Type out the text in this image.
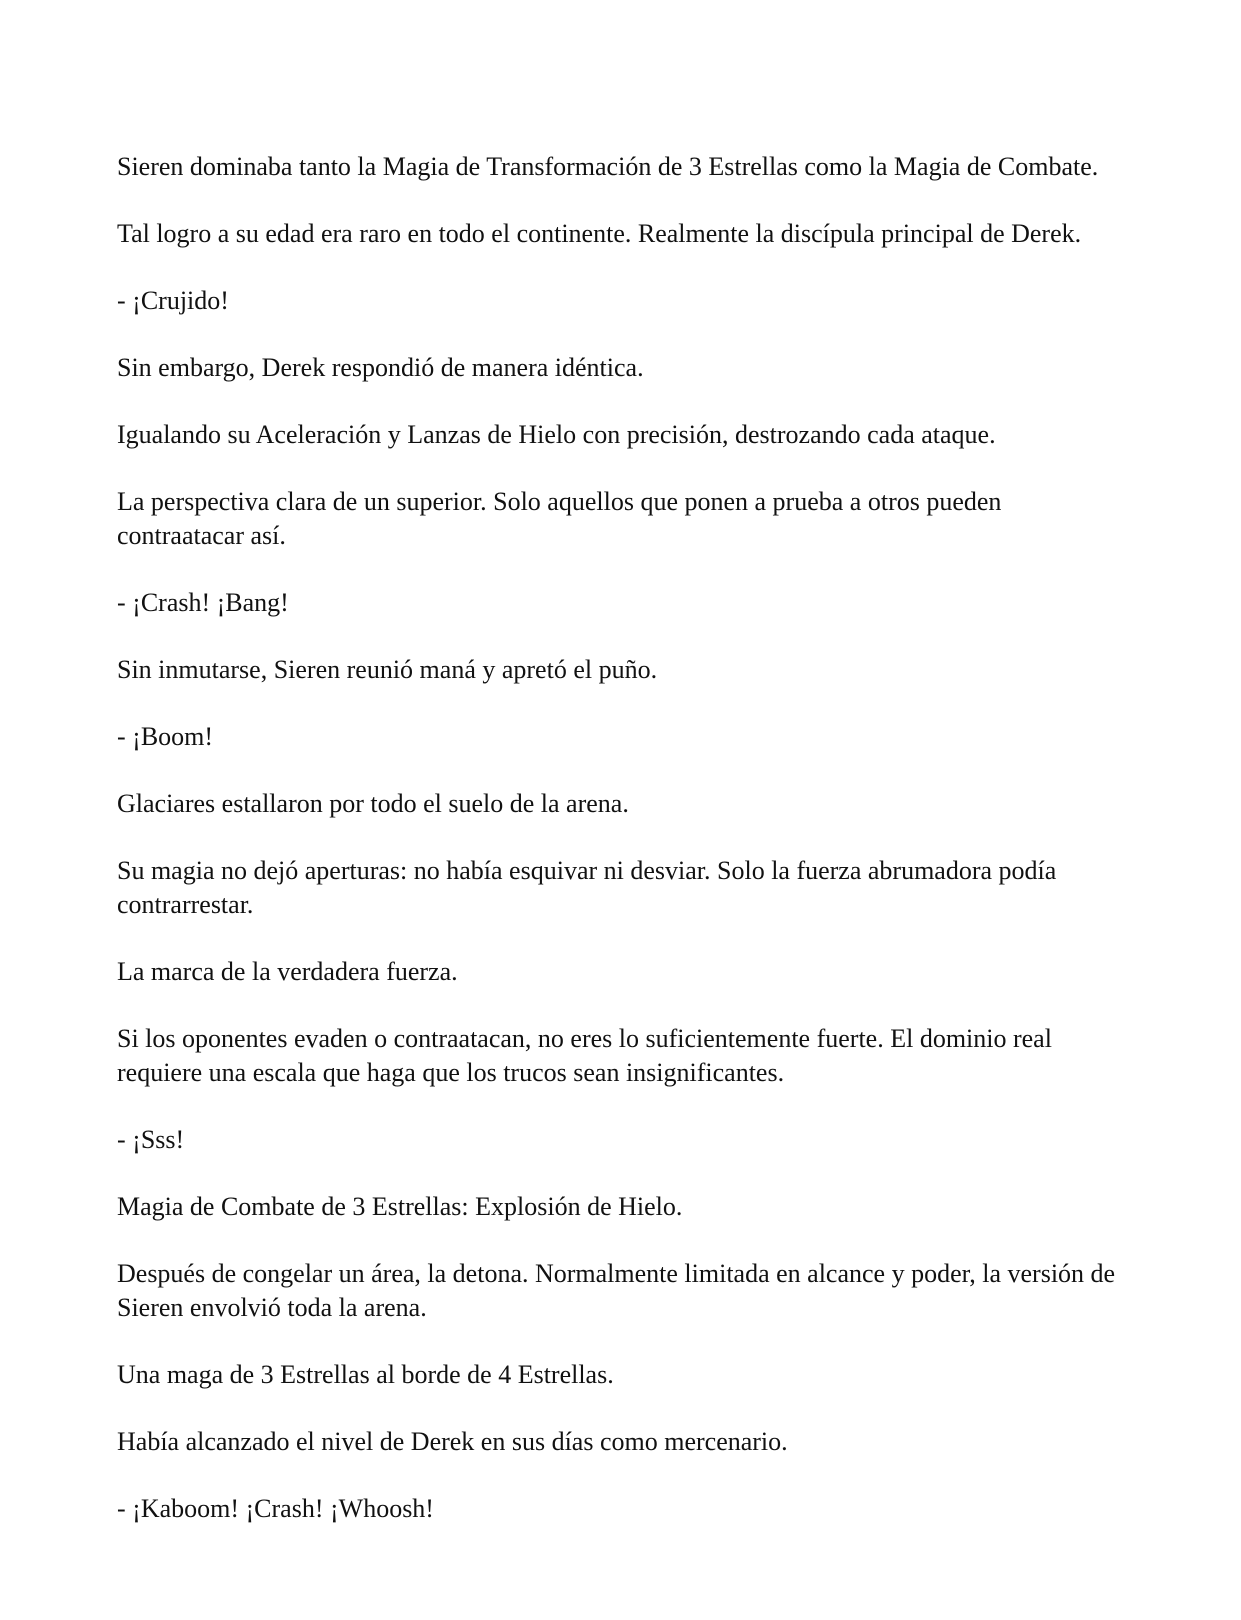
Sieren dominaba tanto la Magia de Transformación de 3 Estrellas como la Magia de Combate.

Tal logro a su edad era raro en todo el continente. Realmente la discípula principal de Derek.

- ¡Crujido!

Sin embargo, Derek respondió de manera idéntica.

Igualando su Aceleración y Lanzas de Hielo con precisión, destrozando cada ataque.

La perspectiva clara de un superior. Solo aquellos que ponen a prueba a otros pueden contraatacar así.

- ¡Crash! ¡Bang!

Sin inmutarse, Sieren reunió maná y apretó el puño.

- ¡Boom!

Glaciares estallaron por todo el suelo de la arena.

Su magia no dejó aperturas: no había esquivar ni desviar. Solo la fuerza abrumadora podía contrarrestar.

La marca de la verdadera fuerza.

Si los oponentes evaden o contraatacan, no eres lo suficientemente fuerte. El dominio real requiere una escala que haga que los trucos sean insignificantes.

- ¡Sss!

Magia de Combate de 3 Estrellas: Explosión de Hielo.

Después de congelar un área, la detona. Normalmente limitada en alcance y poder, la versión de Sieren envolvió toda la arena.

Una maga de 3 Estrellas al borde de 4 Estrellas.

Había alcanzado el nivel de Derek en sus días como mercenario.

- ¡Kaboom! ¡Crash! ¡Whoosh!
